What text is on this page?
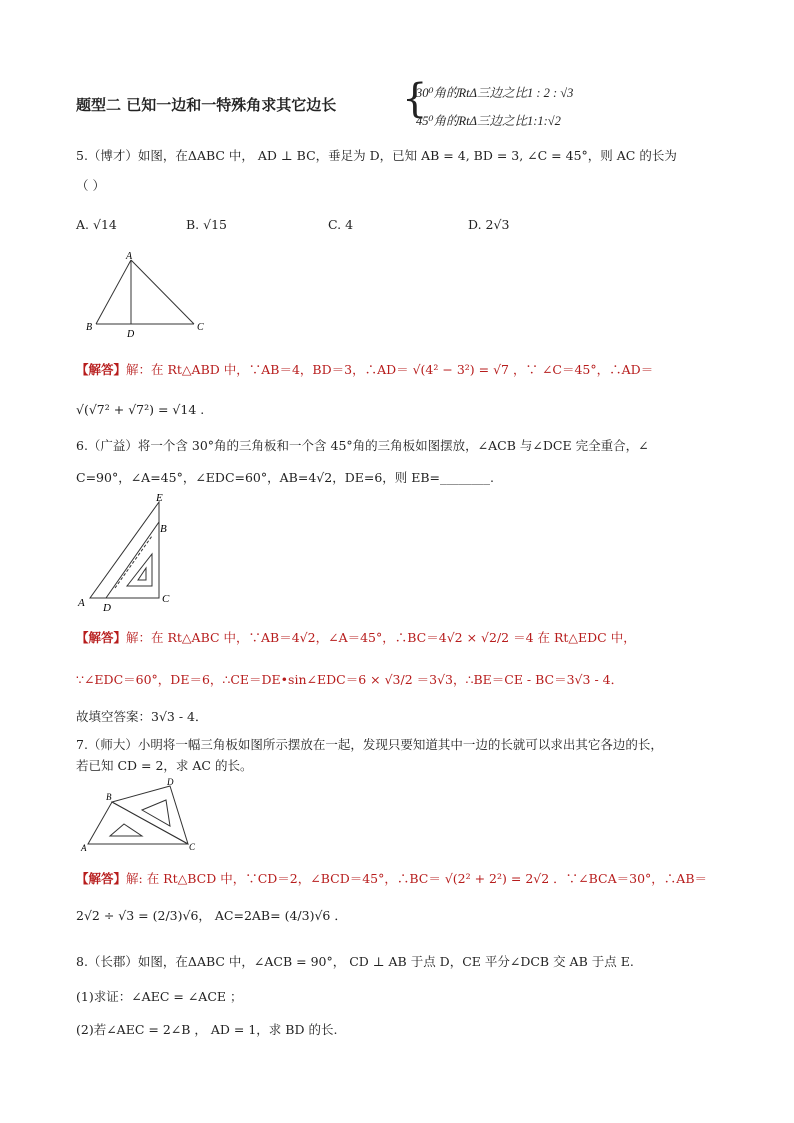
题型二 已知一边和一特殊角求其它边长 {
30⁰角的RtΔ三边之比1 : 2 : √3
45⁰角的RtΔ三边之比1:1:√2
5.（博才）如图，在ΔABC 中， AD ⊥ BC，垂足为 D，已知 AB = 4, BD = 3, ∠C = 45°，则 AC 的长为
（ ）
A. √14	B. √15	C. 4	D. 2√3
A
B
D
C
【解答】解：在 Rt△ABD 中，∵AB＝4，BD＝3，∴AD＝ √(4² − 3²) = √7 ，∵ ∠C＝45°，∴AD＝
√(√7² + √7²) = √14 .
6.（广益）将一个含 30°角的三角板和一个含 45°角的三角板如图摆放，∠ACB 与∠DCE 完全重合，∠
C=90°，∠A=45°，∠EDC=60°，AB=4√2，DE=6，则 EB=________.
E
B
A D
C
【解答】解：在 Rt△ABC 中，∵AB＝4√2，∠A＝45°，∴BC＝4√2 × √2/2 ＝4 在 Rt△EDC 中，
∵∠EDC＝60°，DE＝6，∴CE＝DE•sin∠EDC＝6 × √3/2 ＝3√3，∴BE＝CE - BC＝3√3 - 4．
故填空答案：3√3 - 4．
7.（师大）小明将一幅三角板如图所示摆放在一起，发现只要知道其中一边的长就可以求出其它各边的长，
若已知 CD = 2，求 AC 的长。
A
B
D
C
【解答】解: 在 Rt△BCD 中，∵CD＝2，∠BCD＝45°，∴BC＝ √(2² + 2²) = 2√2 ．∵∠BCA＝30°，∴AB＝
2√2 ÷ √3 = (2/3)√6， AC=2AB= (4/3)√6 ．
8.（长郡）如图，在ΔABC 中，∠ACB = 90°， CD ⊥ AB 于点 D，CE 平分∠DCB 交 AB 于点 E.
(1)求证：∠AEC = ∠ACE ；
(2)若∠AEC = 2∠B ， AD = 1，求 BD 的长.
